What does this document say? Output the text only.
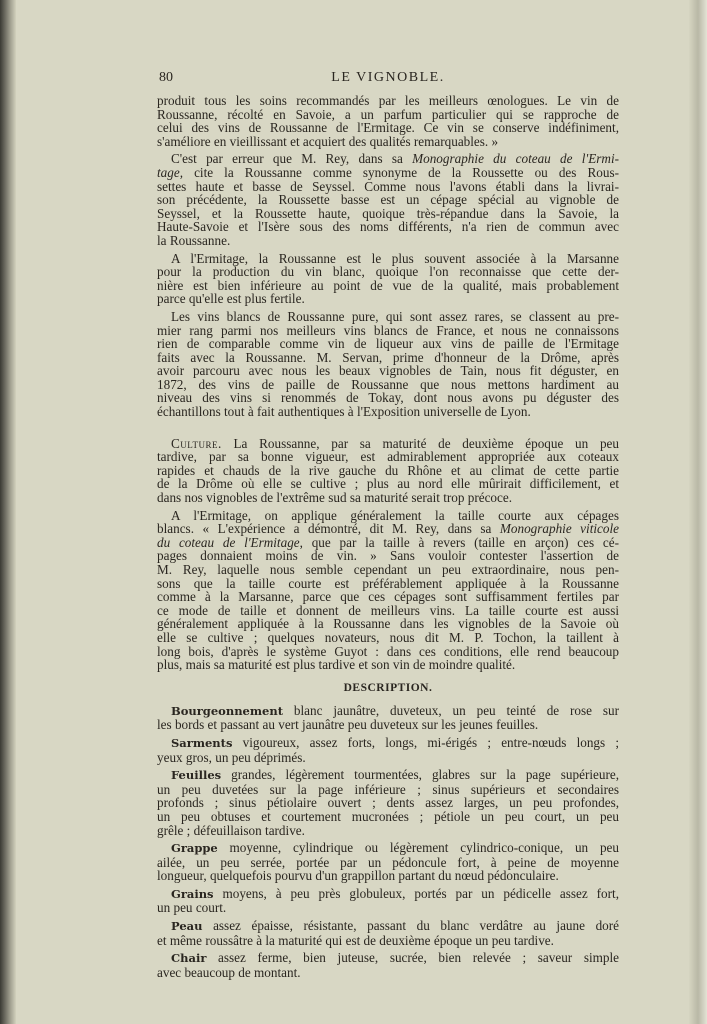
80	LE VIGNOBLE.
produit tous les soins recommandés par les meilleurs œnologues. Le vin de
Roussanne, récolté en Savoie, a un parfum particulier qui se rapproche de
celui des vins de Roussanne de l'Ermitage. Ce vin se conserve indéfiniment,
s'améliore en vieillissant et acquiert des qualités remarquables. »
C'est par erreur que M. Rey, dans sa Monographie du coteau de l'Ermi-
tage, cite la Roussanne comme synonyme de la Roussette ou des Rous-
settes haute et basse de Seyssel. Comme nous l'avons établi dans la livrai-
son précédente, la Roussette basse est un cépage spécial au vignoble de
Seyssel, et la Roussette haute, quoique très-répandue dans la Savoie, la
Haute-Savoie et l'Isère sous des noms différents, n'a rien de commun avec
la Roussanne.
A l'Ermitage, la Roussanne est le plus souvent associée à la Marsanne
pour la production du vin blanc, quoique l'on reconnaisse que cette der-
nière est bien inférieure au point de vue de la qualité, mais probablement
parce qu'elle est plus fertile.
Les vins blancs de Roussanne pure, qui sont assez rares, se classent au pre-
mier rang parmi nos meilleurs vins blancs de France, et nous ne connaissons
rien de comparable comme vin de liqueur aux vins de paille de l'Ermitage
faits avec la Roussanne. M. Servan, prime d'honneur de la Drôme, après
avoir parcouru avec nous les beaux vignobles de Tain, nous fit déguster, en
1872, des vins de paille de Roussanne que nous mettons hardiment au
niveau des vins si renommés de Tokay, dont nous avons pu déguster des
échantillons tout à fait authentiques à l'Exposition universelle de Lyon.
Culture. La Roussanne, par sa maturité de deuxième époque un peu
tardive, par sa bonne vigueur, est admirablement appropriée aux coteaux
rapides et chauds de la rive gauche du Rhône et au climat de cette partie
de la Drôme où elle se cultive ; plus au nord elle mûrirait difficilement, et
dans nos vignobles de l'extrême sud sa maturité serait trop précoce.
A l'Ermitage, on applique généralement la taille courte aux cépages
blancs. « L'expérience a démontré, dit M. Rey, dans sa Monographie viticole
du coteau de l'Ermitage, que par la taille à revers (taille en arçon) ces cé-
pages donnaient moins de vin. » Sans vouloir contester l'assertion de
M. Rey, laquelle nous semble cependant un peu extraordinaire, nous pen-
sons que la taille courte est préférablement appliquée à la Roussanne
comme à la Marsanne, parce que ces cépages sont suffisamment fertiles par
ce mode de taille et donnent de meilleurs vins. La taille courte est aussi
généralement appliquée à la Roussanne dans les vignobles de la Savoie où
elle se cultive ; quelques novateurs, nous dit M. P. Tochon, la taillent à
long bois, d'après le système Guyot : dans ces conditions, elle rend beaucoup
plus, mais sa maturité est plus tardive et son vin de moindre qualité.
DESCRIPTION.
Bourgeonnement blanc jaunâtre, duveteux, un peu teinté de rose sur
les bords et passant au vert jaunâtre peu duveteux sur les jeunes feuilles.
Sarments vigoureux, assez forts, longs, mi-érigés ; entre-nœuds longs ;
yeux gros, un peu déprimés.
Feuilles grandes, légèrement tourmentées, glabres sur la page supérieure,
un peu duvetées sur la page inférieure ; sinus supérieurs et secondaires
profonds ; sinus pétiolaire ouvert ; dents assez larges, un peu profondes,
un peu obtuses et courtement mucronées ; pétiole un peu court, un peu
grêle ; défeuillaison tardive.
Grappe moyenne, cylindrique ou légèrement cylindrico-conique, un peu
ailée, un peu serrée, portée par un pédoncule fort, à peine de moyenne
longueur, quelquefois pourvu d'un grappillon partant du nœud pédonculaire.
Grains moyens, à peu près globuleux, portés par un pédicelle assez fort,
un peu court.
Peau assez épaisse, résistante, passant du blanc verdâtre au jaune doré
et même roussâtre à la maturité qui est de deuxième époque un peu tardive.
Chair assez ferme, bien juteuse, sucrée, bien relevée ; saveur simple
avec beaucoup de montant.
